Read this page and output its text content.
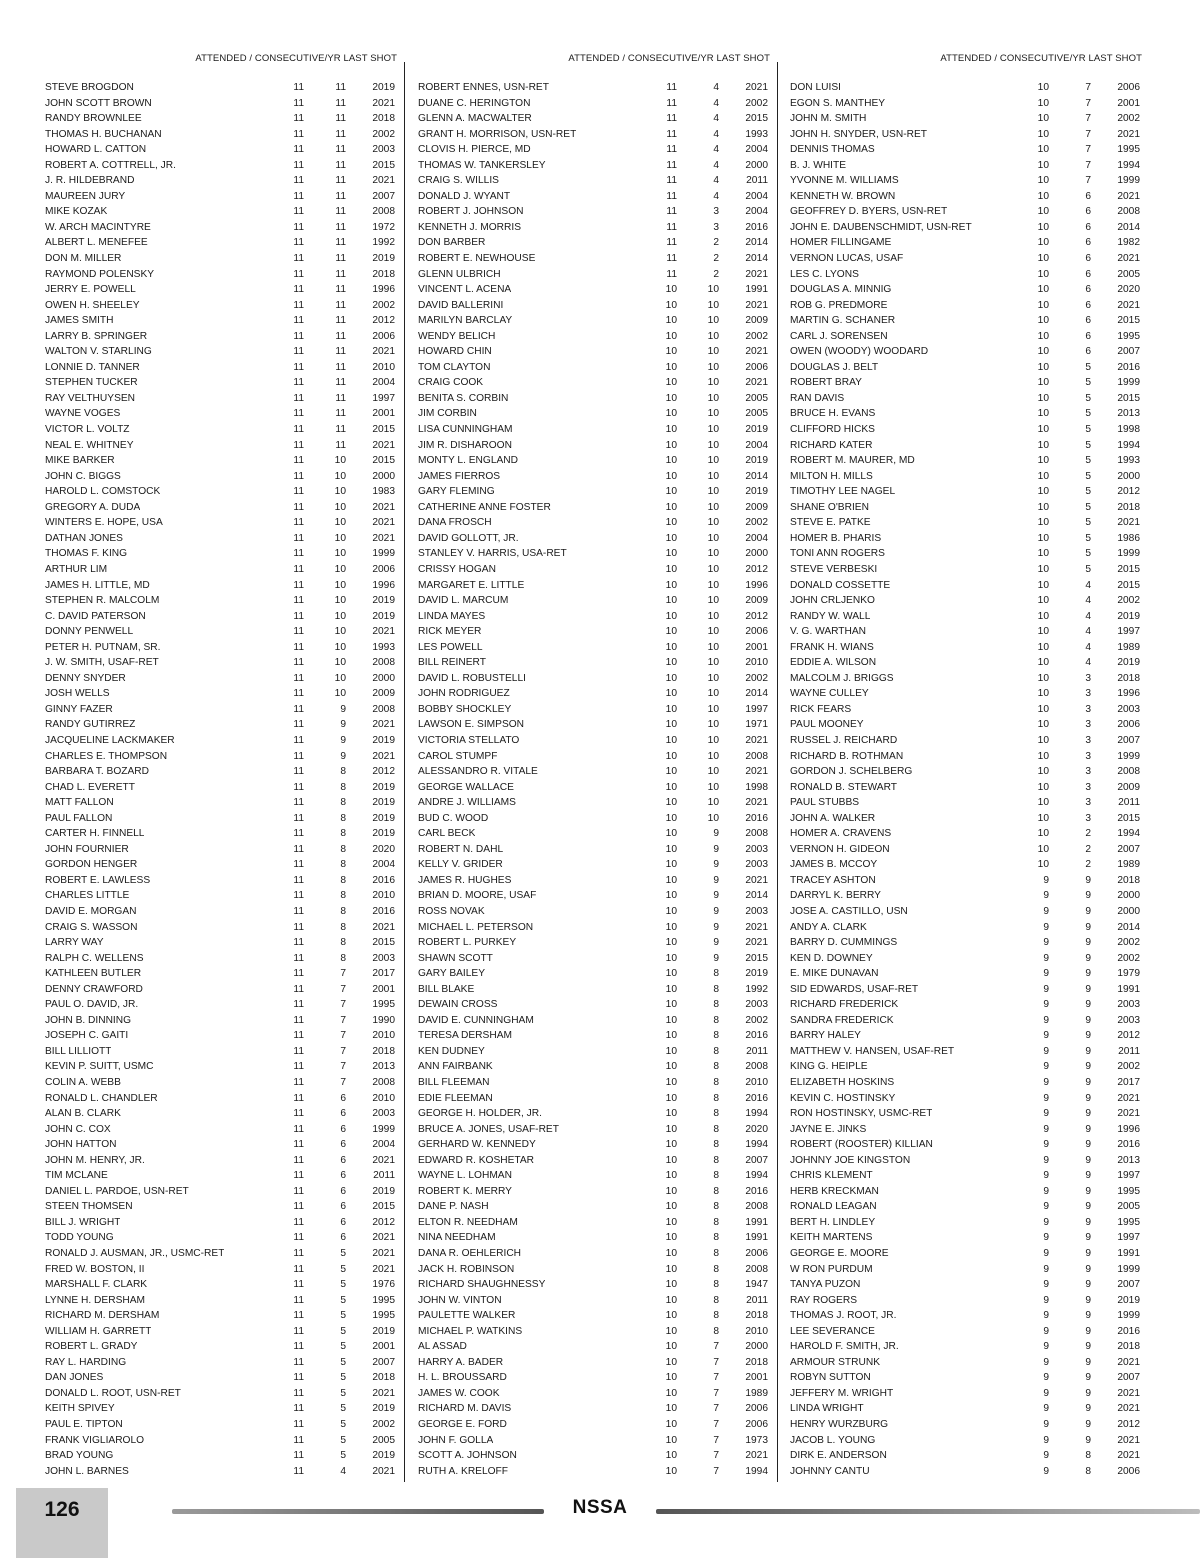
ATTENDED / CONSECUTIVE/YR LAST SHOT
STEVE BROGDON	11	11	2019
JOHN SCOTT BROWN	11	11	2021
RANDY BROWNLEE	11	11	2018
THOMAS H. BUCHANAN	11	11	2002
HOWARD L. CATTON	11	11	2003
ROBERT A. COTTRELL, JR.	11	11	2015
J. R. HILDEBRAND	11	11	2021
MAUREEN JURY	11	11	2007
MIKE KOZAK	11	11	2008
W. ARCH MACINTYRE	11	11	1972
ALBERT L. MENEFEE	11	11	1992
DON M. MILLER	11	11	2019
RAYMOND POLENSKY	11	11	2018
JERRY E. POWELL	11	11	1996
OWEN H. SHEELEY	11	11	2002
JAMES SMITH	11	11	2012
LARRY B. SPRINGER	11	11	2006
WALTON V. STARLING	11	11	2021
LONNIE D. TANNER	11	11	2010
STEPHEN TUCKER	11	11	2004
RAY VELTHUYSEN	11	11	1997
WAYNE VOGES	11	11	2001
VICTOR L. VOLTZ	11	11	2015
NEAL E. WHITNEY	11	11	2021
MIKE BARKER	11	10	2015
JOHN C. BIGGS	11	10	2000
HAROLD L. COMSTOCK	11	10	1983
GREGORY A. DUDA	11	10	2021
WINTERS E. HOPE, USA	11	10	2021
DATHAN JONES	11	10	2021
THOMAS F. KING	11	10	1999
ARTHUR LIM	11	10	2006
JAMES H. LITTLE, MD	11	10	1996
STEPHEN R. MALCOLM	11	10	2019
C. DAVID PATERSON	11	10	2019
DONNY PENWELL	11	10	2021
PETER H. PUTNAM, SR.	11	10	1993
J. W. SMITH, USAF-RET	11	10	2008
DENNY SNYDER	11	10	2000
JOSH WELLS	11	10	2009
GINNY FAZER	11	9	2008
RANDY GUTIRREZ	11	9	2021
JACQUELINE LACKMAKER	11	9	2019
CHARLES E. THOMPSON	11	9	2021
BARBARA T. BOZARD	11	8	2012
CHAD L. EVERETT	11	8	2019
MATT FALLON	11	8	2019
PAUL FALLON	11	8	2019
CARTER H. FINNELL	11	8	2019
JOHN FOURNIER	11	8	2020
GORDON HENGER	11	8	2004
ROBERT E. LAWLESS	11	8	2016
CHARLES LITTLE	11	8	2010
DAVID E. MORGAN	11	8	2016
CRAIG S. WASSON	11	8	2021
LARRY WAY	11	8	2015
RALPH C. WELLENS	11	8	2003
KATHLEEN BUTLER	11	7	2017
DENNY CRAWFORD	11	7	2001
PAUL O. DAVID, JR.	11	7	1995
JOHN B. DINNING	11	7	1990
JOSEPH C. GAITI	11	7	2010
BILL LILLIOTT	11	7	2018
KEVIN P. SUITT, USMC	11	7	2013
COLIN A. WEBB	11	7	2008
RONALD L. CHANDLER	11	6	2010
ALAN B. CLARK	11	6	2003
JOHN C. COX	11	6	1999
JOHN HATTON	11	6	2004
JOHN M. HENRY, JR.	11	6	2021
TIM MCLANE	11	6	2011
DANIEL L. PARDOE, USN-RET	11	6	2019
STEEN THOMSEN	11	6	2015
BILL J. WRIGHT	11	6	2012
TODD YOUNG	11	6	2021
RONALD J. AUSMAN, JR., USMC-RET	11	5	2021
FRED W. BOSTON, II	11	5	2021
MARSHALL F. CLARK	11	5	1976
LYNNE H. DERSHAM	11	5	1995
RICHARD M. DERSHAM	11	5	1995
WILLIAM H. GARRETT	11	5	2019
ROBERT L. GRADY	11	5	2001
RAY L. HARDING	11	5	2007
DAN JONES	11	5	2018
DONALD L. ROOT, USN-RET	11	5	2021
KEITH SPIVEY	11	5	2019
PAUL E. TIPTON	11	5	2002
FRANK VIGLIAROLO	11	5	2005
BRAD YOUNG	11	5	2019
JOHN L. BARNES	11	4	2021
ATTENDED / CONSECUTIVE/YR LAST SHOT
ROBERT ENNES, USN-RET	11	4	2021
DUANE C. HERINGTON	11	4	2002
GLENN A. MACWALTER	11	4	2015
GRANT H. MORRISON, USN-RET	11	4	1993
CLOVIS H. PIERCE, MD	11	4	2004
THOMAS W. TANKERSLEY	11	4	2000
CRAIG S. WILLIS	11	4	2011
DONALD J. WYANT	11	4	2004
ROBERT J. JOHNSON	11	3	2004
KENNETH J. MORRIS	11	3	2016
DON BARBER	11	2	2014
ROBERT E. NEWHOUSE	11	2	2014
GLENN ULBRICH	11	2	2021
VINCENT L. ACENA	10	10	1991
DAVID BALLERINI	10	10	2021
MARILYN BARCLAY	10	10	2009
WENDY BELICH	10	10	2002
HOWARD CHIN	10	10	2021
TOM CLAYTON	10	10	2006
CRAIG COOK	10	10	2021
BENITA S. CORBIN	10	10	2005
JIM CORBIN	10	10	2005
LISA CUNNINGHAM	10	10	2019
JIM R. DISHAROON	10	10	2004
MONTY L. ENGLAND	10	10	2019
JAMES FIERROS	10	10	2014
GARY FLEMING	10	10	2019
CATHERINE ANNE FOSTER	10	10	2009
DANA FROSCH	10	10	2002
DAVID GOLLOTT, JR.	10	10	2004
STANLEY V. HARRIS, USA-RET	10	10	2000
CRISSY HOGAN	10	10	2012
MARGARET E. LITTLE	10	10	1996
DAVID L. MARCUM	10	10	2009
LINDA MAYES	10	10	2012
RICK MEYER	10	10	2006
LES POWELL	10	10	2001
BILL REINERT	10	10	2010
DAVID L. ROBUSTELLI	10	10	2002
JOHN RODRIGUEZ	10	10	2014
BOBBY SHOCKLEY	10	10	1997
LAWSON E. SIMPSON	10	10	1971
VICTORIA STELLATO	10	10	2021
CAROL STUMPF	10	10	2008
ALESSANDRO R. VITALE	10	10	2021
GEORGE WALLACE	10	10	1998
ANDRE J. WILLIAMS	10	10	2021
BUD C. WOOD	10	10	2016
CARL BECK	10	9	2008
ROBERT N. DAHL	10	9	2003
KELLY V. GRIDER	10	9	2003
JAMES R. HUGHES	10	9	2021
BRIAN D. MOORE, USAF	10	9	2014
ROSS NOVAK	10	9	2003
MICHAEL L. PETERSON	10	9	2021
ROBERT L. PURKEY	10	9	2021
SHAWN SCOTT	10	9	2015
GARY BAILEY	10	8	2019
BILL BLAKE	10	8	1992
DEWAIN CROSS	10	8	2003
DAVID E. CUNNINGHAM	10	8	2002
TERESA DERSHAM	10	8	2016
KEN DUDNEY	10	8	2011
ANN FAIRBANK	10	8	2008
BILL FLEEMAN	10	8	2010
EDIE FLEEMAN	10	8	2016
GEORGE H. HOLDER, JR.	10	8	1994
BRUCE A. JONES, USAF-RET	10	8	2020
GERHARD W. KENNEDY	10	8	1994
EDWARD R. KOSHETAR	10	8	2007
WAYNE L. LOHMAN	10	8	1994
ROBERT K. MERRY	10	8	2016
DANE P. NASH	10	8	2008
ELTON R. NEEDHAM	10	8	1991
NINA NEEDHAM	10	8	1991
DANA R. OEHLERICH	10	8	2006
JACK H. ROBINSON	10	8	2008
RICHARD SHAUGHNESSY	10	8	1947
JOHN W. VINTON	10	8	2011
PAULETTE WALKER	10	8	2018
MICHAEL P. WATKINS	10	8	2010
AL ASSAD	10	7	2000
HARRY A. BADER	10	7	2018
H. L. BROUSSARD	10	7	2001
JAMES W. COOK	10	7	1989
RICHARD M. DAVIS	10	7	2006
GEORGE E. FORD	10	7	2006
JOHN F. GOLLA	10	7	1973
SCOTT A. JOHNSON	10	7	2021
RUTH A. KRELOFF	10	7	1994
ATTENDED / CONSECUTIVE/YR LAST SHOT
DON LUISI	10	7	2006
EGON S. MANTHEY	10	7	2001
JOHN M. SMITH	10	7	2002
JOHN H. SNYDER, USN-RET	10	7	2021
DENNIS THOMAS	10	7	1995
B. J. WHITE	10	7	1994
YVONNE M. WILLIAMS	10	7	1999
KENNETH W. BROWN	10	6	2021
GEOFFREY D. BYERS, USN-RET	10	6	2008
JOHN E. DAUBENSCHMIDT, USN-RET	10	6	2014
HOMER FILLINGAME	10	6	1982
VERNON LUCAS, USAF	10	6	2021
LES C. LYONS	10	6	2005
DOUGLAS A. MINNIG	10	6	2020
ROB G. PREDMORE	10	6	2021
MARTIN G. SCHANER	10	6	2015
CARL J. SORENSEN	10	6	1995
OWEN (WOODY) WOODARD	10	6	2007
DOUGLAS J. BELT	10	5	2016
ROBERT BRAY	10	5	1999
RAN DAVIS	10	5	2015
BRUCE H. EVANS	10	5	2013
CLIFFORD HICKS	10	5	1998
RICHARD KATER	10	5	1994
ROBERT M. MAURER, MD	10	5	1993
MILTON H. MILLS	10	5	2000
TIMOTHY LEE NAGEL	10	5	2012
SHANE O'BRIEN	10	5	2018
STEVE E. PATKE	10	5	2021
HOMER B. PHARIS	10	5	1986
TONI ANN ROGERS	10	5	1999
STEVE VERBESKI	10	5	2015
DONALD COSSETTE	10	4	2015
JOHN CRLJENKO	10	4	2002
RANDY W. WALL	10	4	2019
V. G. WARTHAN	10	4	1997
FRANK H. WIANS	10	4	1989
EDDIE A. WILSON	10	4	2019
MALCOLM J. BRIGGS	10	3	2018
WAYNE CULLEY	10	3	1996
RICK FEARS	10	3	2003
PAUL MOONEY	10	3	2006
RUSSEL J. REICHARD	10	3	2007
RICHARD B. ROTHMAN	10	3	1999
GORDON J. SCHELBERG	10	3	2008
RONALD B. STEWART	10	3	2009
PAUL STUBBS	10	3	2011
JOHN A. WALKER	10	3	2015
HOMER A. CRAVENS	10	2	1994
VERNON H. GIDEON	10	2	2007
JAMES B. MCCOY	10	2	1989
TRACEY ASHTON	9	9	2018
DARRYL K. BERRY	9	9	2000
JOSE A. CASTILLO, USN	9	9	2000
ANDY A. CLARK	9	9	2014
BARRY D. CUMMINGS	9	9	2002
KEN D. DOWNEY	9	9	2002
E. MIKE DUNAVAN	9	9	1979
SID EDWARDS, USAF-RET	9	9	1991
RICHARD FREDERICK	9	9	2003
SANDRA FREDERICK	9	9	2003
BARRY HALEY	9	9	2012
MATTHEW V. HANSEN, USAF-RET	9	9	2011
KING G. HEIPLE	9	9	2002
ELIZABETH HOSKINS	9	9	2017
KEVIN C. HOSTINSKY	9	9	2021
RON HOSTINSKY, USMC-RET	9	9	2021
JAYNE E. JINKS	9	9	1996
ROBERT (ROOSTER) KILLIAN	9	9	2016
JOHNNY JOE KINGSTON	9	9	2013
CHRIS KLEMENT	9	9	1997
HERB KRECKMAN	9	9	1995
RONALD LEAGAN	9	9	2005
BERT H. LINDLEY	9	9	1995
KEITH MARTENS	9	9	1997
GEORGE E. MOORE	9	9	1991
W RON PURDUM	9	9	1999
TANYA PUZON	9	9	2007
RAY ROGERS	9	9	2019
THOMAS J. ROOT, JR.	9	9	1999
LEE SEVERANCE	9	9	2016
HAROLD F. SMITH, JR.	9	9	2018
ARMOUR STRUNK	9	9	2021
ROBYN SUTTON	9	9	2007
JEFFERY M. WRIGHT	9	9	2021
LINDA WRIGHT	9	9	2021
HENRY WURZBURG	9	9	2012
JACOB L. YOUNG	9	9	2021
DIRK E. ANDERSON	9	8	2021
JOHNNY CANTU	9	8	2006
126	NSSA
